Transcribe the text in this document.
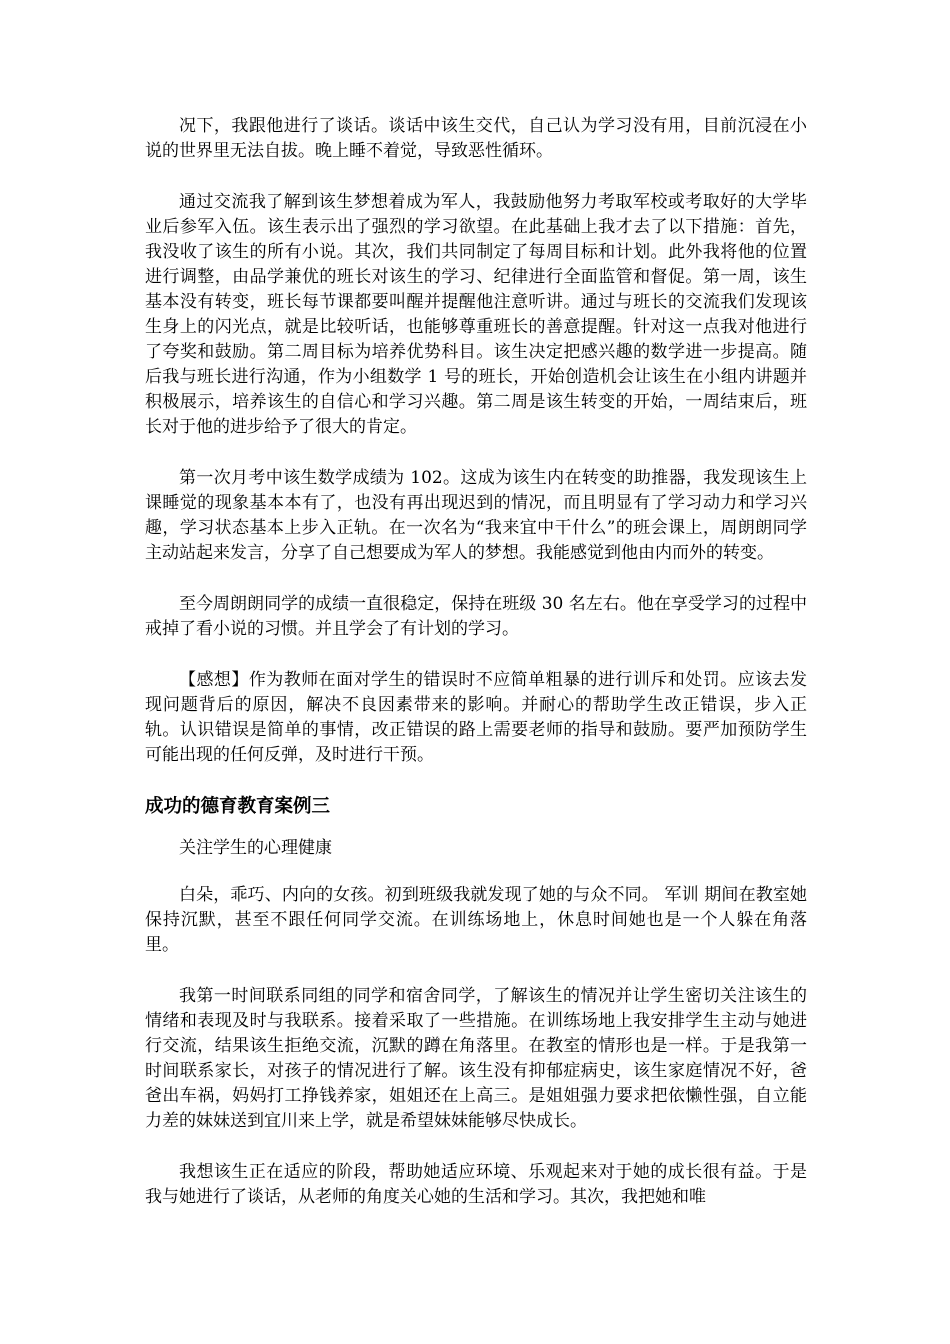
况下，我跟他进行了谈话。谈话中该生交代，自己认为学习没有用，目前沉浸在小说的世界里无法自拔。晚上睡不着觉，导致恶性循环。

通过交流我了解到该生梦想着成为军人，我鼓励他努力考取军校或考取好的大学毕业后参军入伍。该生表示出了强烈的学习欲望。在此基础上我才去了以下措施：首先，我没收了该生的所有小说。其次，我们共同制定了每周目标和计划。此外我将他的位置进行调整，由品学兼优的班长对该生的学习、纪律进行全面监管和督促。第一周，该生基本没有转变，班长每节课都要叫醒并提醒他注意听讲。通过与班长的交流我们发现该生身上的闪光点，就是比较听话，也能够尊重班长的善意提醒。针对这一点我对他进行了夸奖和鼓励。第二周目标为培养优势科目。该生决定把感兴趣的数学进一步提高。随后我与班长进行沟通，作为小组数学 1 号的班长，开始创造机会让该生在小组内讲题并积极展示，培养该生的自信心和学习兴趣。第二周是该生转变的开始，一周结束后，班长对于他的进步给予了很大的肯定。

第一次月考中该生数学成绩为 102。这成为该生内在转变的助推器，我发现该生上课睡觉的现象基本本有了，也没有再出现迟到的情况，而且明显有了学习动力和学习兴趣，学习状态基本上步入正轨。在一次名为“我来宜中干什么”的班会课上，周朗朗同学主动站起来发言，分享了自己想要成为军人的梦想。我能感觉到他由内而外的转变。

至今周朗朗同学的成绩一直很稳定，保持在班级 30 名左右。他在享受学习的过程中戒掉了看小说的习惯。并且学会了有计划的学习。

【感想】作为教师在面对学生的错误时不应简单粗暴的进行训斥和处罚。应该去发现问题背后的原因，解决不良因素带来的影响。并耐心的帮助学生改正错误，步入正轨。认识错误是简单的事情，改正错误的路上需要老师的指导和鼓励。要严加预防学生可能出现的任何反弹，及时进行干预。

成功的德育教育案例三

关注学生的心理健康

白朵，乖巧、内向的女孩。初到班级我就发现了她的与众不同。 军训 期间在教室她保持沉默，甚至不跟任何同学交流。在训练场地上，休息时间她也是一个人躲在角落里。

我第一时间联系同组的同学和宿舍同学，了解该生的情况并让学生密切关注该生的情绪和表现及时与我联系。接着采取了一些措施。在训练场地上我安排学生主动与她进行交流，结果该生拒绝交流，沉默的蹲在角落里。在教室的情形也是一样。于是我第一时间联系家长，对孩子的情况进行了解。该生没有抑郁症病史，该生家庭情况不好，爸爸出车祸，妈妈打工挣钱养家，姐姐还在上高三。是姐姐强力要求把依懒性强，自立能力差的妹妹送到宜川来上学，就是希望妹妹能够尽快成长。

我想该生正在适应的阶段，帮助她适应环境、乐观起来对于她的成长很有益。于是我与她进行了谈话，从老师的角度关心她的生活和学习。其次，我把她和唯
